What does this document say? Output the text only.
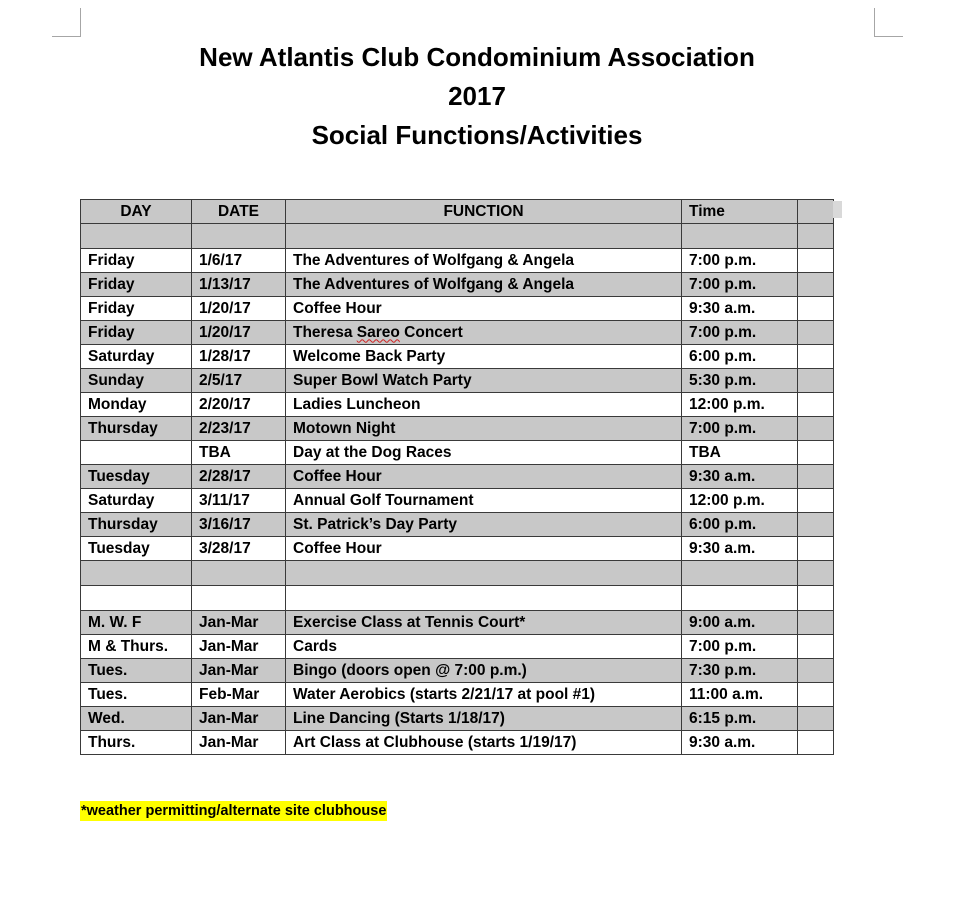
New Atlantis Club Condominium Association

2017

Social Functions/Activities

DAY	DATE	FUNCTION	Time	

Friday	1/6/17	The Adventures of Wolfgang & Angela	7:00 p.m.	
Friday	1/13/17	The Adventures of Wolfgang & Angela	7:00 p.m.	
Friday	1/20/17	Coffee Hour	9:30 a.m.	
Friday	1/20/17	Theresa Sareo Concert	7:00 p.m.	
Saturday	1/28/17	Welcome Back Party	6:00 p.m.	
Sunday	2/5/17	Super Bowl Watch Party	5:30 p.m.	
Monday	2/20/17	Ladies Luncheon	12:00 p.m.	
Thursday	2/23/17	Motown Night	7:00 p.m.	
	TBA	Day at the Dog Races	TBA	
Tuesday	2/28/17	Coffee Hour	9:30 a.m.	
Saturday	3/11/17	Annual Golf Tournament	12:00 p.m.	
Thursday	3/16/17	St. Patrick’s Day Party	6:00 p.m.	
Tuesday	3/28/17	Coffee Hour	9:30 a.m.	

M. W. F	Jan-Mar	Exercise Class at Tennis Court*	9:00 a.m.	
M & Thurs.	Jan-Mar	Cards	7:00 p.m.	
Tues.	Jan-Mar	Bingo (doors open @ 7:00 p.m.)	7:30 p.m.	
Tues.	Feb-Mar	Water Aerobics (starts 2/21/17 at pool #1)	11:00 a.m.	
Wed.	Jan-Mar	Line Dancing (Starts 1/18/17)	6:15 p.m.	
Thurs.	Jan-Mar	Art Class at Clubhouse (starts 1/19/17)	9:30 a.m.	
*weather permitting/alternate site clubhouse
